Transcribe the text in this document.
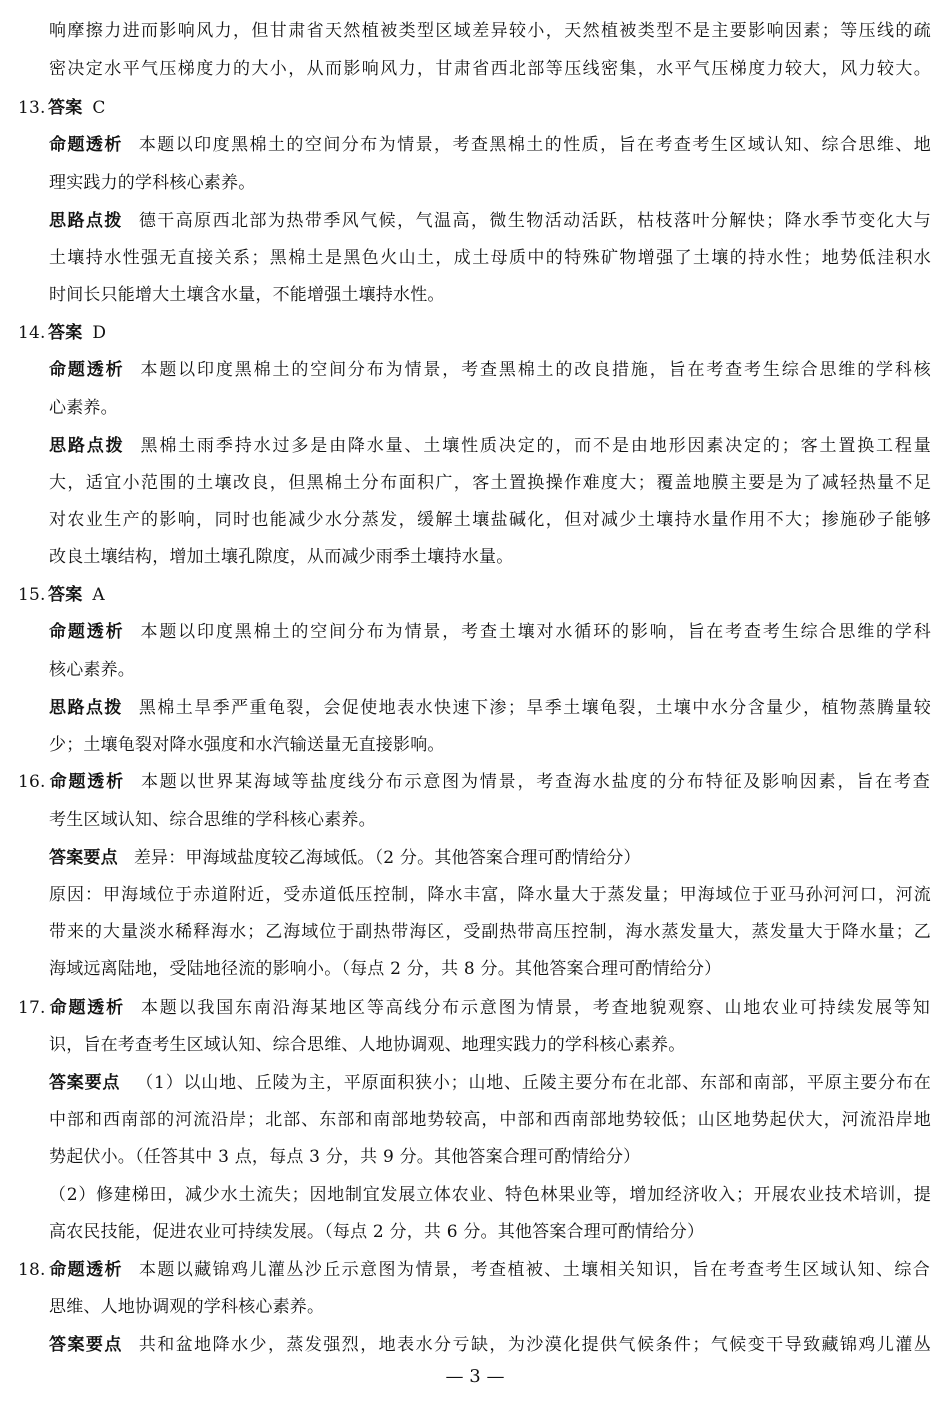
响摩擦力进而影响风力，但甘肃省天然植被类型区域差异较小，天然植被类型不是主要影响因素；等压线的疏
密决定水平气压梯度力的大小，从而影响风力，甘肃省西北部等压线密集，水平气压梯度力较大，风力较大。
13. 答案 C
命题透析 本题以印度黑棉土的空间分布为情景，考查黑棉土的性质，旨在考查考生区域认知、综合思维、地
理实践力的学科核心素养。
思路点拨 德干高原西北部为热带季风气候，气温高，微生物活动活跃，枯枝落叶分解快；降水季节变化大与
土壤持水性强无直接关系；黑棉土是黑色火山土，成土母质中的特殊矿物增强了土壤的持水性；地势低洼积水
时间长只能增大土壤含水量，不能增强土壤持水性。
14. 答案 D
命题透析 本题以印度黑棉土的空间分布为情景，考查黑棉土的改良措施，旨在考查考生综合思维的学科核
心素养。
思路点拨 黑棉土雨季持水过多是由降水量、土壤性质决定的，而不是由地形因素决定的；客土置换工程量
大，适宜小范围的土壤改良，但黑棉土分布面积广，客土置换操作难度大；覆盖地膜主要是为了减轻热量不足
对农业生产的影响，同时也能减少水分蒸发，缓解土壤盐碱化，但对减少土壤持水量作用不大；掺施砂子能够
改良土壤结构，增加土壤孔隙度，从而减少雨季土壤持水量。
15. 答案 A
命题透析 本题以印度黑棉土的空间分布为情景，考查土壤对水循环的影响，旨在考查考生综合思维的学科
核心素养。
思路点拨 黑棉土旱季严重龟裂，会促使地表水快速下渗；旱季土壤龟裂，土壤中水分含量少，植物蒸腾量较
少；土壤龟裂对降水强度和水汽输送量无直接影响。
16. 命题透析 本题以世界某海域等盐度线分布示意图为情景，考查海水盐度的分布特征及影响因素，旨在考查
考生区域认知、综合思维的学科核心素养。
答案要点 差异：甲海域盐度较乙海域低。（2 分。其他答案合理可酌情给分）
原因：甲海域位于赤道附近，受赤道低压控制，降水丰富，降水量大于蒸发量；甲海域位于亚马孙河河口，河流
带来的大量淡水稀释海水；乙海域位于副热带海区，受副热带高压控制，海水蒸发量大，蒸发量大于降水量；乙
海域远离陆地，受陆地径流的影响小。（每点 2 分，共 8 分。其他答案合理可酌情给分）
17. 命题透析 本题以我国东南沿海某地区等高线分布示意图为情景，考查地貌观察、山地农业可持续发展等知
识，旨在考查考生区域认知、综合思维、人地协调观、地理实践力的学科核心素养。
答案要点 （1）以山地、丘陵为主，平原面积狭小；山地、丘陵主要分布在北部、东部和南部，平原主要分布在
中部和西南部的河流沿岸；北部、东部和南部地势较高，中部和西南部地势较低；山区地势起伏大，河流沿岸地
势起伏小。（任答其中 3 点，每点 3 分，共 9 分。其他答案合理可酌情给分）
（2）修建梯田，减少水土流失；因地制宜发展立体农业、特色林果业等，增加经济收入；开展农业技术培训，提
高农民技能，促进农业可持续发展。（每点 2 分，共 6 分。其他答案合理可酌情给分）
18. 命题透析 本题以藏锦鸡儿灌丛沙丘示意图为情景，考查植被、土壤相关知识，旨在考查考生区域认知、综合
思维、人地协调观的学科核心素养。
答案要点 共和盆地降水少，蒸发强烈，地表水分亏缺，为沙漠化提供气候条件；气候变干导致藏锦鸡儿灌丛
— 3 —
